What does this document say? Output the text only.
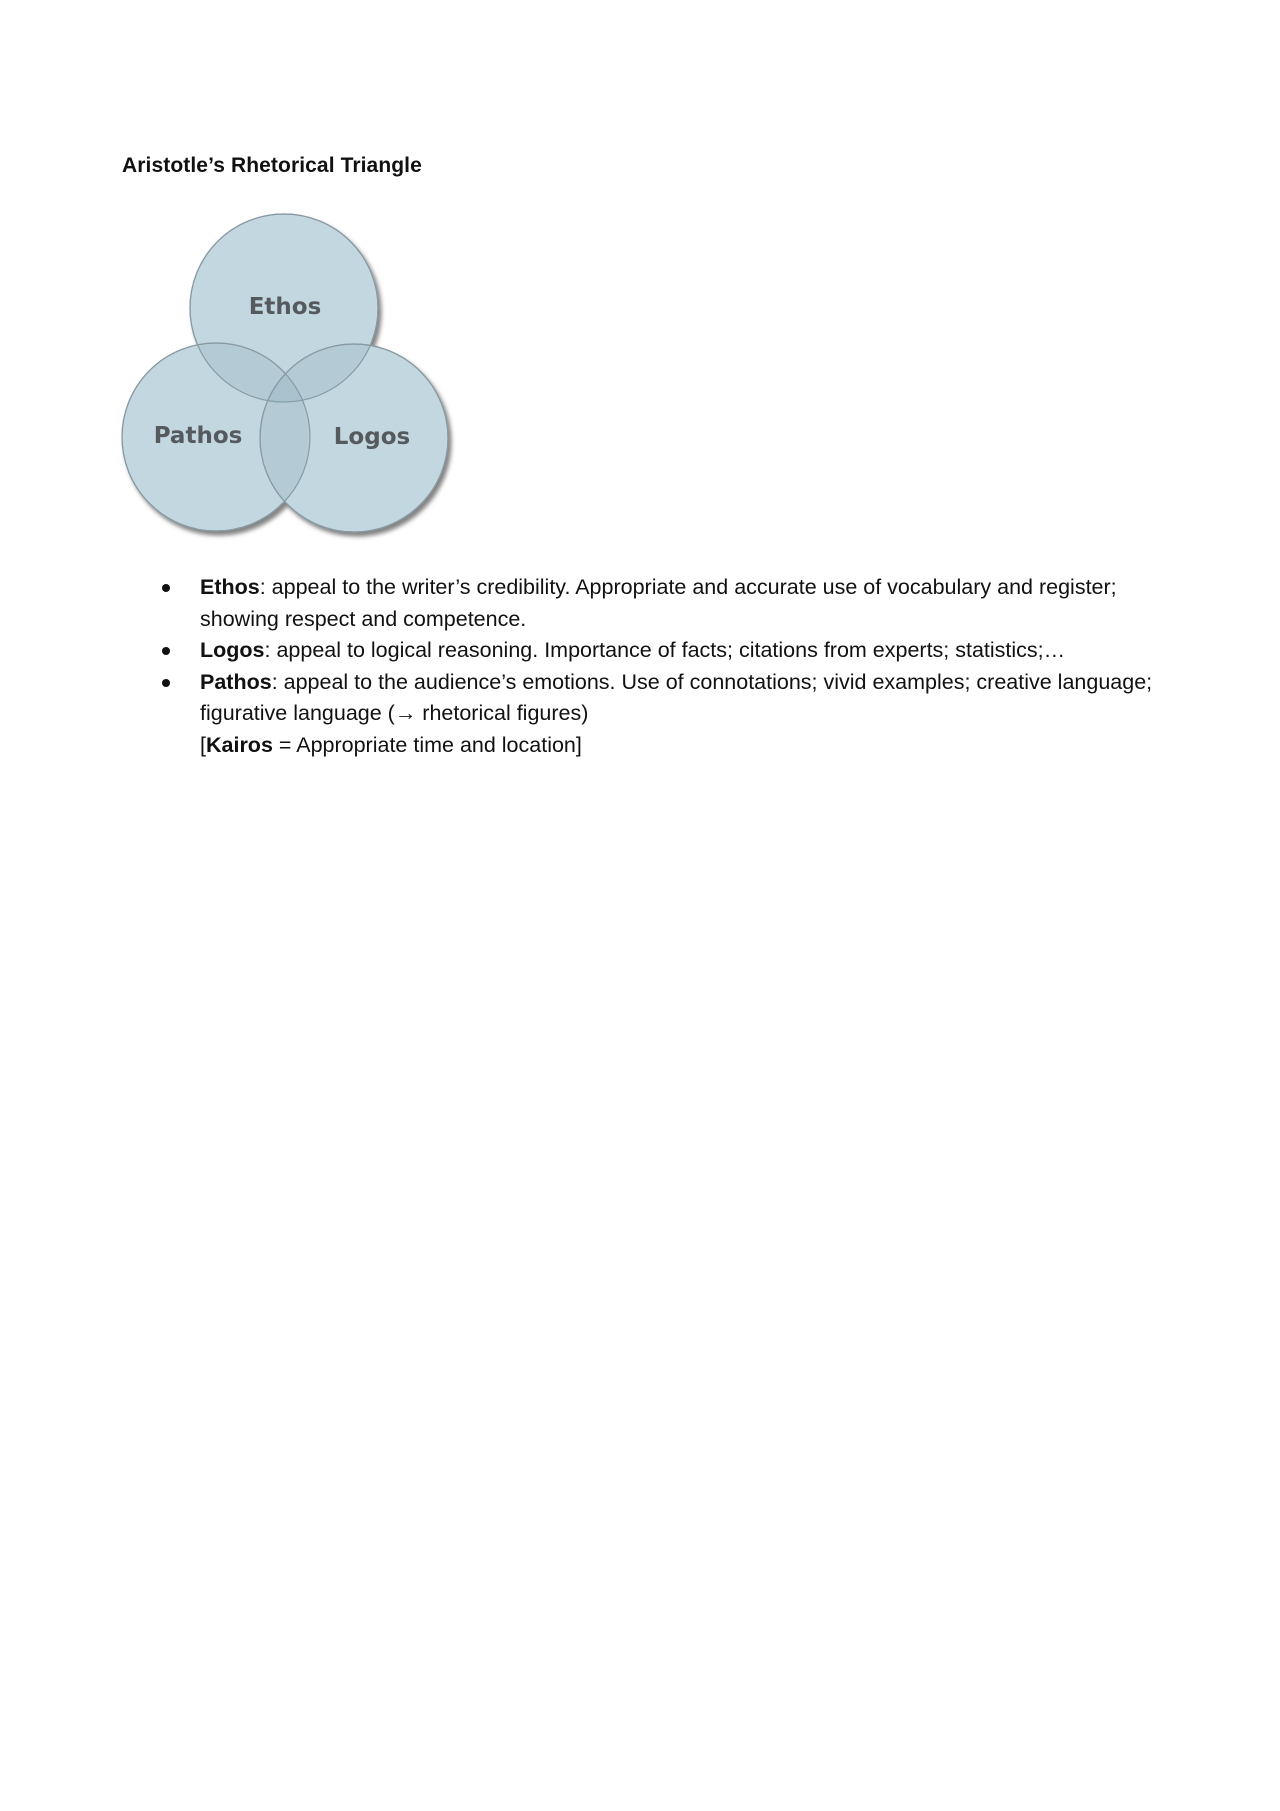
Aristotle’s Rhetorical Triangle
Ethos
Pathos	Logos
Ethos: appeal to the writer’s credibility. Appropriate and accurate use of vocabulary and register; showing respect and competence.
Logos: appeal to logical reasoning. Importance of facts; citations from experts; statistics;…
Pathos: appeal to the audience’s emotions. Use of connotations; vivid examples; creative language; figurative language (→ rhetorical figures)
[Kairos = Appropriate time and location]
